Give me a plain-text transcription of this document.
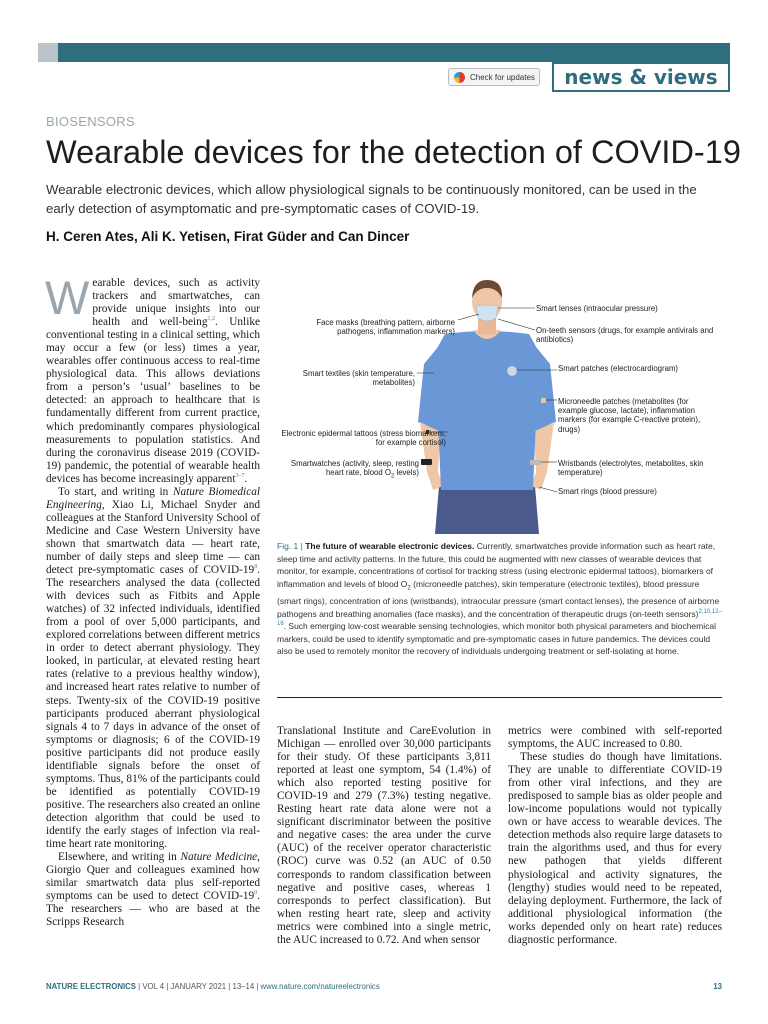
Check for updates	news & views
BIOSENSORS
Wearable devices for the detection of COVID-19
Wearable electronic devices, which allow physiological signals to be continuously monitored, can be used in the early detection of asymptomatic and pre-symptomatic cases of COVID-19.
H. Ceren Ates, Ali K. Yetisen, Firat Güder and Can Dincer

Wearable devices, such as activity trackers and smartwatches, can provide unique insights into our health and well-being$^{1,2}$. Unlike conventional testing in a clinical setting, which may occur a few (or less) times a year, wearables offer continuous access to real-time physiological data. This allows deviations from a person’s ‘usual’ baselines to be detected: an approach to healthcare that is fundamentally different from current practice, which predominantly compares physiological measurements to population statistics. And during the coronavirus disease 2019 (COVID-19) pandemic, the potential of wearable health devices has become increasingly apparent$^{3-7}$.

To start, and writing in Nature Biomedical Engineering, Xiao Li, Michael Snyder and colleagues at the Stanford University School of Medicine and Case Western University have shown that smartwatch data — heart rate, number of daily steps and sleep time — can detect pre-symptomatic cases of COVID-$19^8$. The researchers analysed the data (collected with devices such as Fitbits and Apple watches) of 32 infected individuals, identified from a pool of over 5,000 participants, and explored correlations between different metrics in order to detect aberrant physiology. They looked, in particular, at elevated resting heart rates (relative to a previous healthy window), and increased heart rates relative to number of steps. Twenty-six of the COVID-19 positive participants produced aberrant physiological signals 4 to 7 days in advance of the onset of symptoms or diagnosis; 6 of the COVID-19 positive participants did not produce easily identifiable signals before the onset of symptoms. Thus, 81% of the participants could be identified as potentially COVID-19 positive. The researchers also created an online detection algorithm that could be used to identify the early stages of infection via real-time heart rate monitoring.

Elsewhere, and writing in Nature Medicine, Giorgio Quer and colleagues examined how similar smartwatch data plus self-reported symptoms can be used to detect COVID-$19^9$. The researchers — who are based at the Scripps Research

Face masks (breathing pattern, airborne pathogens, inflammation markers)
Smart textiles (skin temperature, metabolites)
Electronic epidermal tattoos (stress biomarkers, for example cortisol)
Smartwatches (activity, sleep, resting heart rate, blood $O_2$ levels)
Smart lenses (intraocular pressure)
On-teeth sensors (drugs, for example antivirals and antibiotics)
Smart patches (electrocardiogram)
Microneedle patches (metabolites (for example glucose, lactate), inflammation markers (for example C-reactive protein), drugs)
Wristbands (electrolytes, metabolites, skin temperature)
Smart rings (blood pressure)
Fig. 1 | The future of wearable electronic devices. Currently, smartwatches provide information such as heart rate, sleep time and activity patterns. In the future, this could be augmented with new classes of wearable devices that monitor, for example, concentrations of cortisol for tracking stress (using electronic epidermal tattoos), biomarkers of inflammation and levels of blood $O_2$ (microneedle patches), skin temperature (electronic textiles), blood pressure (smart rings), concentration of ions (wristbands), intraocular pressure (smart contact lenses), the presence of airborne pathogens and breathing anomalies (face masks), and the concentration of therapeutic drugs (on-teeth sensors)$^{2,10,12-16}$. Such emerging low-cost wearable sensing technologies, which monitor both physical parameters and biochemical markers, could be used to identify symptomatic and pre-symptomatic cases in future pandemics. The devices could also be used to remotely monitor the recovery of individuals undergoing treatment or self-isolating at home.

Translational Institute and CareEvolution in Michigan — enrolled over 30,000 participants for their study. Of these participants 3,811 reported at least one symptom, 54 (1.4%) of which also reported testing positive for COVID-19 and 279 (7.3%) testing negative. Resting heart rate data alone were not a significant discriminator between the positive and negative cases: the area under the curve (AUC) of the receiver operator characteristic (ROC) curve was 0.52 (an AUC of 0.50 corresponds to random classification between negative and positive cases, whereas 1 corresponds to perfect classification). But when resting heart rate, sleep and activity metrics were combined into a single metric, the AUC increased to 0.72. And when sensor

metrics were combined with self-reported symptoms, the AUC increased to 0.80.

These studies do though have limitations. They are unable to differentiate COVID-19 from other viral infections, and they are predisposed to sample bias as older people and low-income populations would not typically own or have access to wearable devices. The detection methods also require large datasets to train the algorithms used, and thus for every new pathogen that yields different physiological and activity signatures, the (lengthy) studies would need to be repeated, delaying deployment. Furthermore, the lack of additional physiological information (the works depended only on heart rate) reduces diagnostic performance.

NATURE ELECTRONICS | VOL 4 | JANUARY 2021 | 13–14 | www.nature.com/natureelectronics	13
